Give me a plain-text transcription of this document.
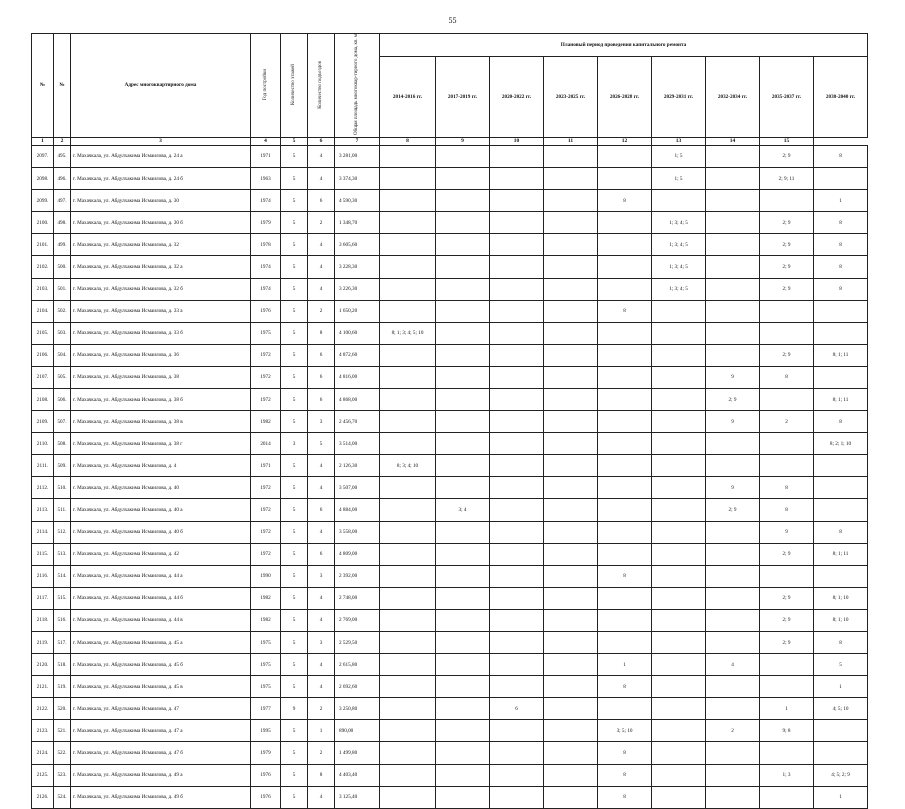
55
№	№	Адрес многоквартирного дома	Год постройки	Количество этажей	Количество подъездов	Общая площадь многоквар-тирного дома, кв. м	Плановый период проведения капитального ремонта								
							2014-2016 гг.	2017-2019 гг.	2020-2022 гг.	2023-2025 гг.	2026-2028 гг.	2029-2031 гг.	2032-2034 гг.	2035-2037 гг.	2038-2040 гг.
1	2	3	4	5	6	7	8	9	10	11	12	13	14	15	
2097.	495.	г. Махачкала, ул. Абдулхакима Исмаилова, д. 24 а	1971	5	4	3 281,00						1; 5		2; 9	8
2098.	496.	г. Махачкала, ул. Абдулхакима Исмаилова, д. 24 б	1963	5	4	3 374,30						1; 5		2; 9; 11	
2099.	497.	г. Махачкала, ул. Абдулхакима Исмаилова, д. 30	1974	5	6	4 590,30					8				1
2100.	498.	г. Махачкала, ул. Абдулхакима Исмаилова, д. 30 б	1979	5	2	1 348,70						1; 3; 4; 5		2; 9	8
2101.	499.	г. Махачкала, ул. Абдулхакима Исмаилова, д. 32	1978	5	4	3 605,60						1; 3; 4; 5		2; 9	8
2102.	500.	г. Махачкала, ул. Абдулхакима Исмаилова, д. 32 а	1974	5	4	3 228,30						1; 3; 4; 5		2; 9	8
2103.	501.	г. Махачкала, ул. Абдулхакима Исмаилова, д. 32 б	1974	5	4	3 226,30						1; 3; 4; 5		2; 9	8
2104.	502.	г. Махачкала, ул. Абдулхакима Исмаилова, д. 33 а	1976	5	2	1 650,20					8				
2105.	503.	г. Махачкала, ул. Абдулхакима Исмаилова, д. 33 б	1975	5	8	4 100,60	8; 1; 3; 4; 5; 10								
2106.	504.	г. Махачкала, ул. Абдулхакима Исмаилова, д. 36	1972	5	6	4 872,60								2; 9	8; 1; 11
2107.	505.	г. Махачкала, ул. Абдулхакима Исмаилова, д. 38	1972	5	6	4 816,00							9	8	
2108.	506.	г. Махачкала, ул. Абдулхакима Исмаилова, д. 38 б	1972	5	6	4 868,00							2; 9		8; 1; 11
2109.	507.	г. Махачкала, ул. Абдулхакима Исмаилова, д. 38 в	1982	5	3	2 456,70							9	2	8
2110.	508.	г. Махачкала, ул. Абдулхакима Исмаилова, д. 38 г	2014	3	5	3 514,00									8; 2; 1; 10
2111.	509.	г. Махачкала, ул. Абдулхакима Исмаилова, д. 4	1971	5	4	2 126,30	8; 3; 4; 10								
2112.	510.	г. Махачкала, ул. Абдулхакима Исмаилова, д. 40	1972	5	4	3 507,00							9	8	
2113.	511.	г. Махачкала, ул. Абдулхакима Исмаилова, д. 40 а	1972	5	6	4 884,00		3; 4					2; 9	8	
2114.	512.	г. Махачкала, ул. Абдулхакима Исмаилова, д. 40 б	1972	5	4	3 558,00								9	8
2115.	513.	г. Махачкала, ул. Абдулхакима Исмаилова, д. 42	1972	5	6	4 809,00								2; 9	8; 1; 11
2116.	514.	г. Махачкала, ул. Абдулхакима Исмаилова, д. 44 а	1990	5	3	2 392,00					8				
2117.	515.	г. Махачкала, ул. Абдулхакима Исмаилова, д. 44 б	1982	5	4	2 748,00								2; 9	8; 1; 10
2118.	516.	г. Махачкала, ул. Абдулхакима Исмаилова, д. 44 в	1982	5	4	2 769,00								2; 9	8; 1; 10
2119.	517.	г. Махачкала, ул. Абдулхакима Исмаилова, д. 45 а	1975	5	3	2 529,50								2; 9	8
2120.	518.	г. Махачкала, ул. Абдулхакима Исмаилова, д. 45 б	1975	5	4	2 615,80					1		4		5
2121.	519.	г. Махачкала, ул. Абдулхакима Исмаилова, д. 45 в	1975	5	4	2 692,60					8				1
2122.	520.	г. Махачкала, ул. Абдулхакима Исмаилова, д. 47	1977	9	2	3 250,80			6					1	4; 5; 10
2123.	521.	г. Махачкала, ул. Абдулхакима Исмаилова, д. 47 а	1995	5	1	890,00					3; 5; 10		2	9; 8	
2124.	522.	г. Махачкала, ул. Абдулхакима Исмаилова, д. 47 б	1979	5	2	1 499,80					8				
2125.	523.	г. Махачкала, ул. Абдулхакима Исмаилова, д. 49 а	1976	5	8	4 403,40					8			1; 3	4; 5; 2; 9
2126.	524.	г. Махачкала, ул. Абдулхакима Исмаилова, д. 49 б	1976	5	4	3 125,40					8				1
